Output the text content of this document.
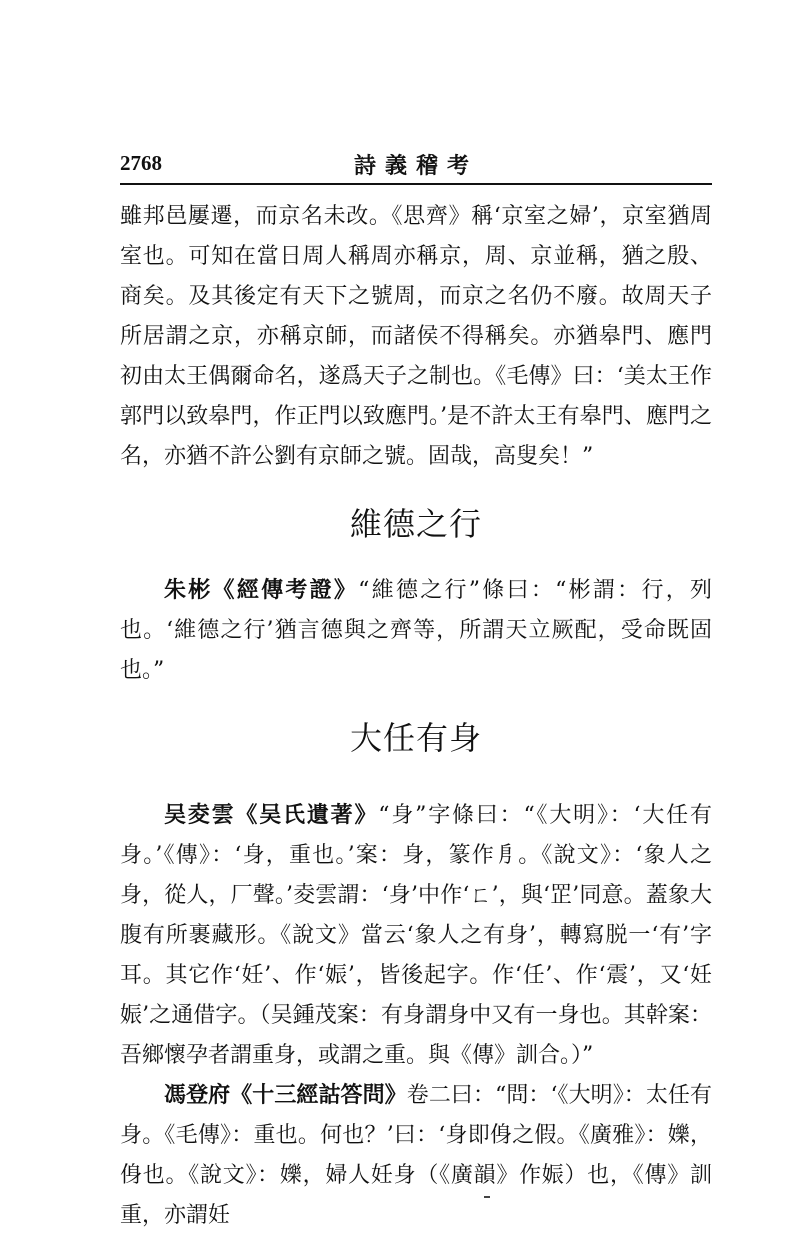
2768	詩義稽考

雖邦邑屢遷，而京名未改。《思齊》稱‘京室之婦’，京室猶周室也。可知在當日周人稱周亦稱京，周、京並稱，猶之殷、商矣。及其後定有天下之號周，而京之名仍不廢。故周天子所居謂之京，亦稱京師，而諸侯不得稱矣。亦猶皋門、應門初由太王偶爾命名，遂爲天子之制也。《毛傳》曰：‘美太王作郭門以致皋門，作正門以致應門。’是不許太王有皋門、應門之名，亦猶不許公劉有京師之號。固哉，高叟矣！”

維德之行

朱彬《經傳考證》“維德之行”條曰：“彬謂：行，列也。‘維德之行’猶言德與之齊等，所謂天立厥配，受命既固也。”

大任有身

吴夌雲《吴氏遺著》“身”字條曰：“《大明》：‘大任有身。’《傳》：‘身，重也。’案：身，篆作㐆。《說文》：‘象人之身，從人，厂聲。’夌雲謂：‘身’中作‘ㄈ’，與‘𦊆’同意。蓋象大腹有所裹藏形。《說文》當云‘象人之有身’，轉寫脱一‘有’字耳。其它作‘妊’、作‘娠’，皆後起字。作‘任’、作‘震’，又‘妊娠’之通借字。（吴鍾茂案：有身謂身中又有一身也。其幹案：吾鄉懷孕者謂重身，或謂之重。與《傳》訓合。）”

馮登府《十三經詁答問》卷二曰：“問：‘《大明》：太任有身。《毛傳》：重也。何也？’曰：‘身即㑗之假。《廣雅》：㜰，㑗也。《說文》：㜰，婦人妊身（《廣韻》作娠）也，《傳》訓重，亦謂妊
